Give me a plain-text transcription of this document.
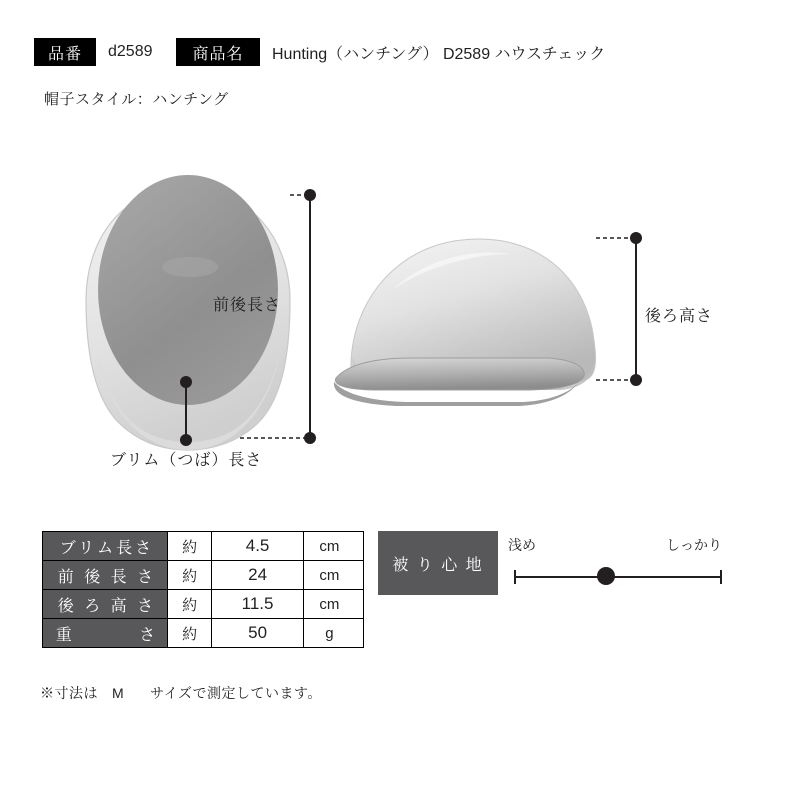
品番	d2589	商品名	Hunting（ハンチング） D2589 ハウスチェック
帽子スタイル：ハンチング
前後長さ
ブリム（つば）長さ
後ろ高さ
ブリム長さ	約	4.5	cm
前 後 長 さ	約	24	cm
後 ろ 高 さ	約	11.5	cm
重　　　 さ	約	50	g
※寸法は M サイズで測定しています。
被 り 心 地
浅め	しっかり
